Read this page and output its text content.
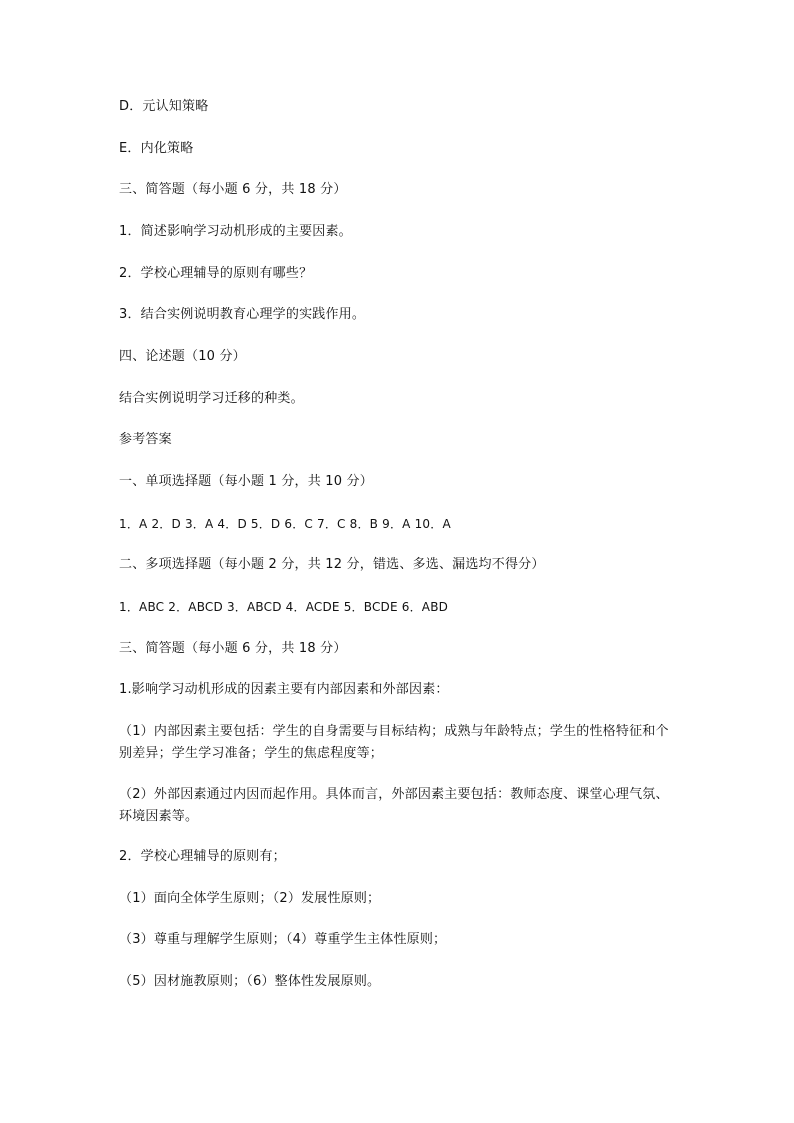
D．元认知策略
E．内化策略
三、简答题（每小题 6 分，共 18 分）
1．简述影响学习动机形成的主要因素。
2．学校心理辅导的原则有哪些？
3．结合实例说明教育心理学的实践作用。
四、论述题（10 分）
结合实例说明学习迁移的种类。
参考答案
一、单项选择题（每小题 1 分，共 10 分）
1．A 2．D 3．A 4．D 5．D 6．C 7．C 8．B 9．A 10．A
二、多项选择题（每小题 2 分，共 12 分，错选、多选、漏选均不得分）
1．ABC 2．ABCD 3．ABCD 4．ACDE 5．BCDE 6．ABD
三、简答题（每小题 6 分，共 18 分）
1.影响学习动机形成的因素主要有内部因素和外部因素：
（1）内部因素主要包括：学生的自身需要与目标结构；成熟与年龄特点；学生的性格特征和个别差异；学生学习准备；学生的焦虑程度等；
（2）外部因素通过内因而起作用。具体而言，外部因素主要包括：教师态度、课堂心理气氛、环境因素等。
2．学校心理辅导的原则有；
（1）面向全体学生原则；（2）发展性原则；
（3）尊重与理解学生原则；（4）尊重学生主体性原则；
（5）因材施教原则；（6）整体性发展原则。
